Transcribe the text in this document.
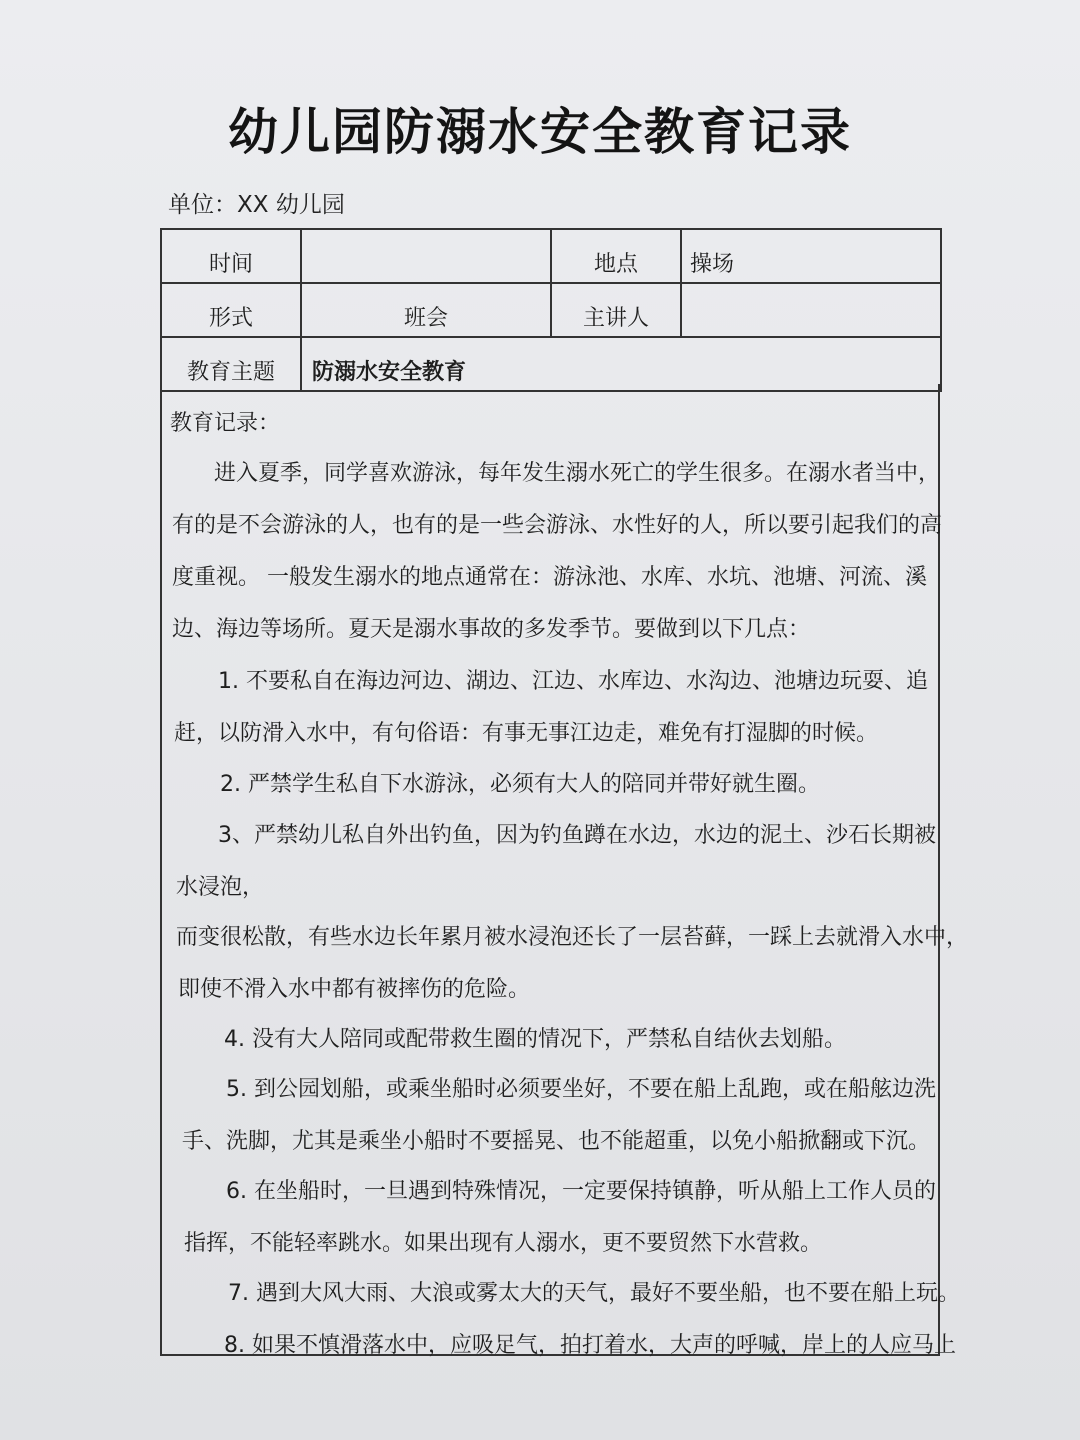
幼儿园防溺水安全教育记录
单位：XX 幼儿园
时间		地点	操场
形式	班会	主讲人	
教育主题	防溺水安全教育		
教育记录：
进入夏季，同学喜欢游泳，每年发生溺水死亡的学生很多。在溺水者当中，
有的是不会游泳的人，也有的是一些会游泳、水性好的人，所以要引起我们的高
度重视。 一般发生溺水的地点通常在：游泳池、水库、水坑、池塘、河流、溪
边、海边等场所。夏天是溺水事故的多发季节。要做到以下几点：
1. 不要私自在海边河边、湖边、江边、水库边、水沟边、池塘边玩耍、追
赶，以防滑入水中，有句俗语：有事无事江边走，难免有打湿脚的时候。
2. 严禁学生私自下水游泳，必须有大人的陪同并带好就生圈。
3、严禁幼儿私自外出钓鱼，因为钓鱼蹲在水边，水边的泥土、沙石长期被
水浸泡，
而变很松散，有些水边长年累月被水浸泡还长了一层苔藓，一踩上去就滑入水中，
即使不滑入水中都有被摔伤的危险。
4. 没有大人陪同或配带救生圈的情况下，严禁私自结伙去划船。
5. 到公园划船，或乘坐船时必须要坐好，不要在船上乱跑，或在船舷边洗
手、洗脚，尤其是乘坐小船时不要摇晃、也不能超重，以免小船掀翻或下沉。
6. 在坐船时，一旦遇到特殊情况，一定要保持镇静，听从船上工作人员的
指挥，不能轻率跳水。如果出现有人溺水，更不要贸然下水营救。
7. 遇到大风大雨、大浪或雾太大的天气，最好不要坐船，也不要在船上玩。
8. 如果不慎滑落水中，应吸足气，拍打着水，大声的呼喊，岸上的人应马上
